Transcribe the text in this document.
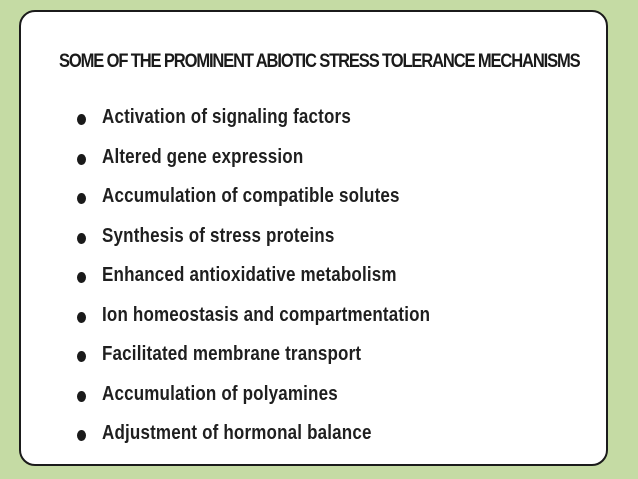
SOME OF THE PROMINENT ABIOTIC STRESS TOLERANCE MECHANISMS
Activation of signaling factors
Altered gene expression
Accumulation of compatible solutes
Synthesis of stress proteins
Enhanced antioxidative metabolism
Ion homeostasis and compartmentation
Facilitated membrane transport
Accumulation of polyamines
Adjustment of hormonal balance
